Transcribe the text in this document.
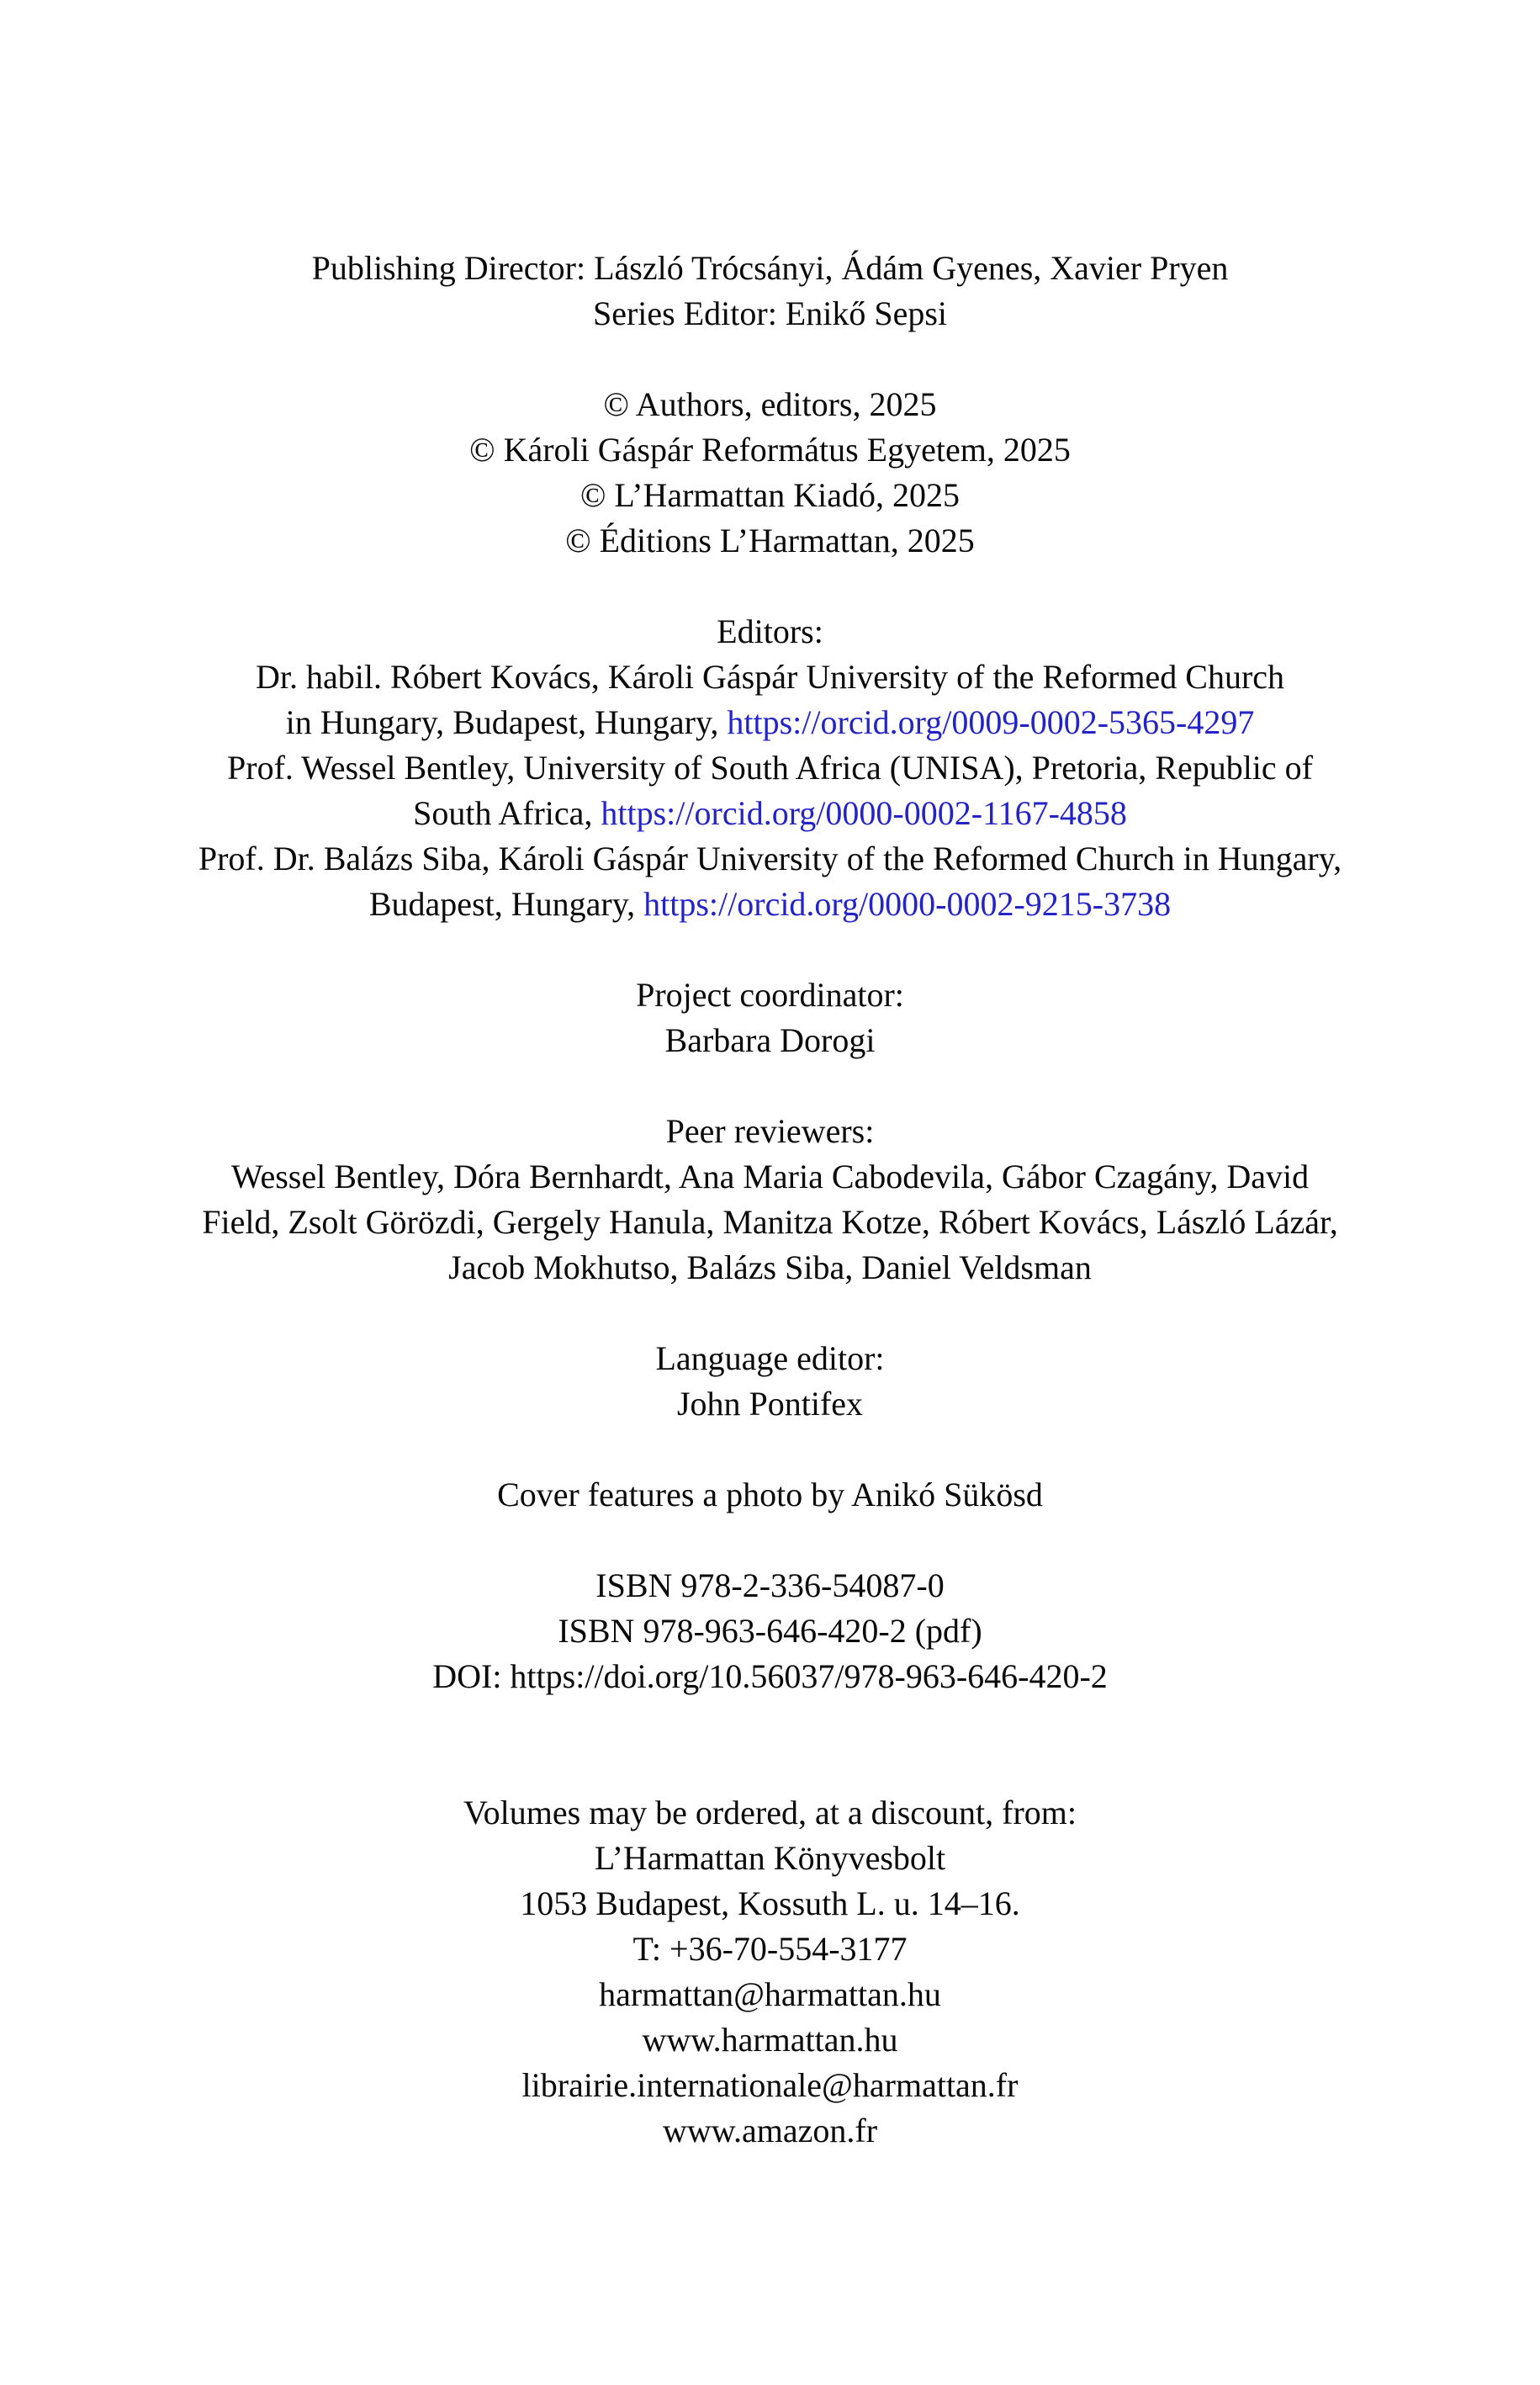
Publishing Director: László Trócsányi, Ádám Gyenes, Xavier Pryen
Series Editor: Enikő Sepsi
© Authors, editors, 2025
© Károli Gáspár Református Egyetem, 2025
© L’Harmattan Kiadó, 2025
© Éditions L’Harmattan, 2025
Editors:
Dr. habil. Róbert Kovács, Károli Gáspár University of the Reformed Church
in Hungary, Budapest, Hungary, https://orcid.org/0009-0002-5365-4297
Prof. Wessel Bentley, University of South Africa (UNISA), Pretoria, Republic of
South Africa, https://orcid.org/0000-0002-1167-4858
Prof. Dr. Balázs Siba, Károli Gáspár University of the Reformed Church in Hungary,
Budapest, Hungary, https://orcid.org/0000-0002-9215-3738
Project coordinator:
Barbara Dorogi
Peer reviewers:
Wessel Bentley, Dóra Bernhardt, Ana Maria Cabodevila, Gábor Czagány, David
Field, Zsolt Görözdi, Gergely Hanula, Manitza Kotze, Róbert Kovács, László Lázár,
Jacob Mokhutso, Balázs Siba, Daniel Veldsman
Language editor:
John Pontifex
Cover features a photo by Anikó Sükösd
ISBN 978-2-336-54087-0
ISBN 978-963-646-420-2 (pdf)
DOI: https://doi.org/10.56037/978-963-646-420-2
Volumes may be ordered, at a discount, from:
L’Harmattan Könyvesbolt
1053 Budapest, Kossuth L. u. 14–16.
T: +36-70-554-3177
harmattan@harmattan.hu
www.harmattan.hu
librairie.internationale@harmattan.fr
www.amazon.fr
